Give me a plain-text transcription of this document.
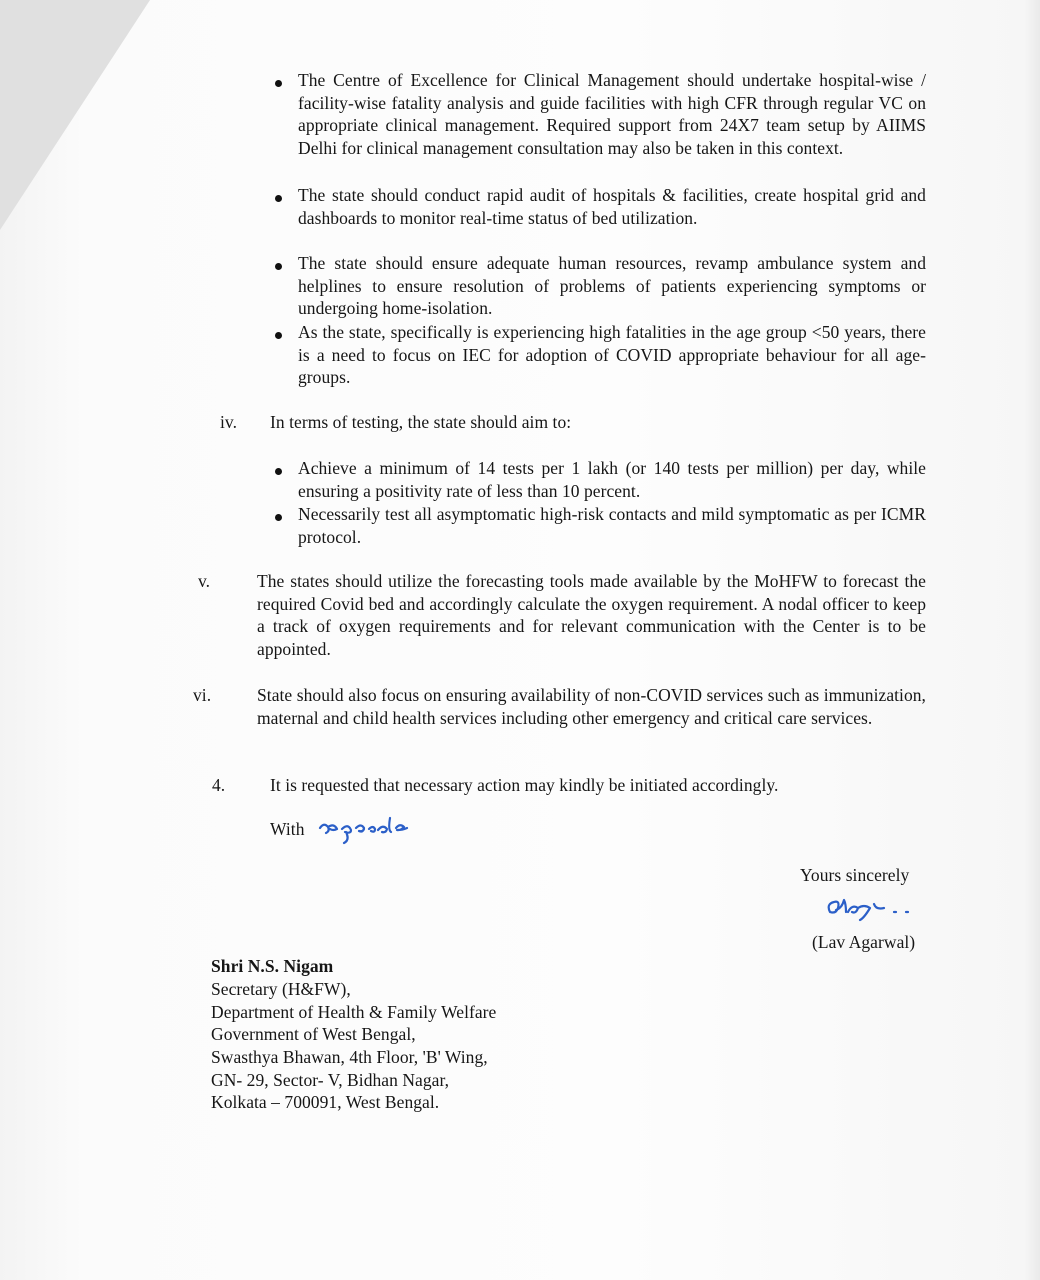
The Centre of Excellence for Clinical Management should undertake hospital-wise / facility-wise fatality analysis and guide facilities with high CFR through regular VC on appropriate clinical management. Required support from 24X7 team setup by AIIMS Delhi for clinical management consultation may also be taken in this context.
The state should conduct rapid audit of hospitals & facilities, create hospital grid and dashboards to monitor real-time status of bed utilization.
The state should ensure adequate human resources, revamp ambulance system and helplines to ensure resolution of problems of patients experiencing symptoms or undergoing home-isolation.
As the state, specifically is experiencing high fatalities in the age group <50 years, there is a need to focus on IEC for adoption of COVID appropriate behaviour for all age-groups.
iv. In terms of testing, the state should aim to:
Achieve a minimum of 14 tests per 1 lakh (or 140 tests per million) per day, while ensuring a positivity rate of less than 10 percent.
Necessarily test all asymptomatic high-risk contacts and mild symptomatic as per ICMR protocol.
v.	The states should utilize the forecasting tools made available by the MoHFW to forecast the required Covid bed and accordingly calculate the oxygen requirement. A nodal officer to keep a track of oxygen requirements and for relevant communication with the Center is to be appointed.
vi.	State should also focus on ensuring availability of non-COVID services such as immunization, maternal and child health services including other emergency and critical care services.
4.	It is requested that necessary action may kindly be initiated accordingly.
With
Yours sincerely
(Lav Agarwal)
Shri N.S. Nigam
Secretary (H&FW),
Department of Health & Family Welfare
Government of West Bengal,
Swasthya Bhawan, 4th Floor, 'B' Wing,
GN- 29, Sector- V, Bidhan Nagar,
Kolkata – 700091, West Bengal.
